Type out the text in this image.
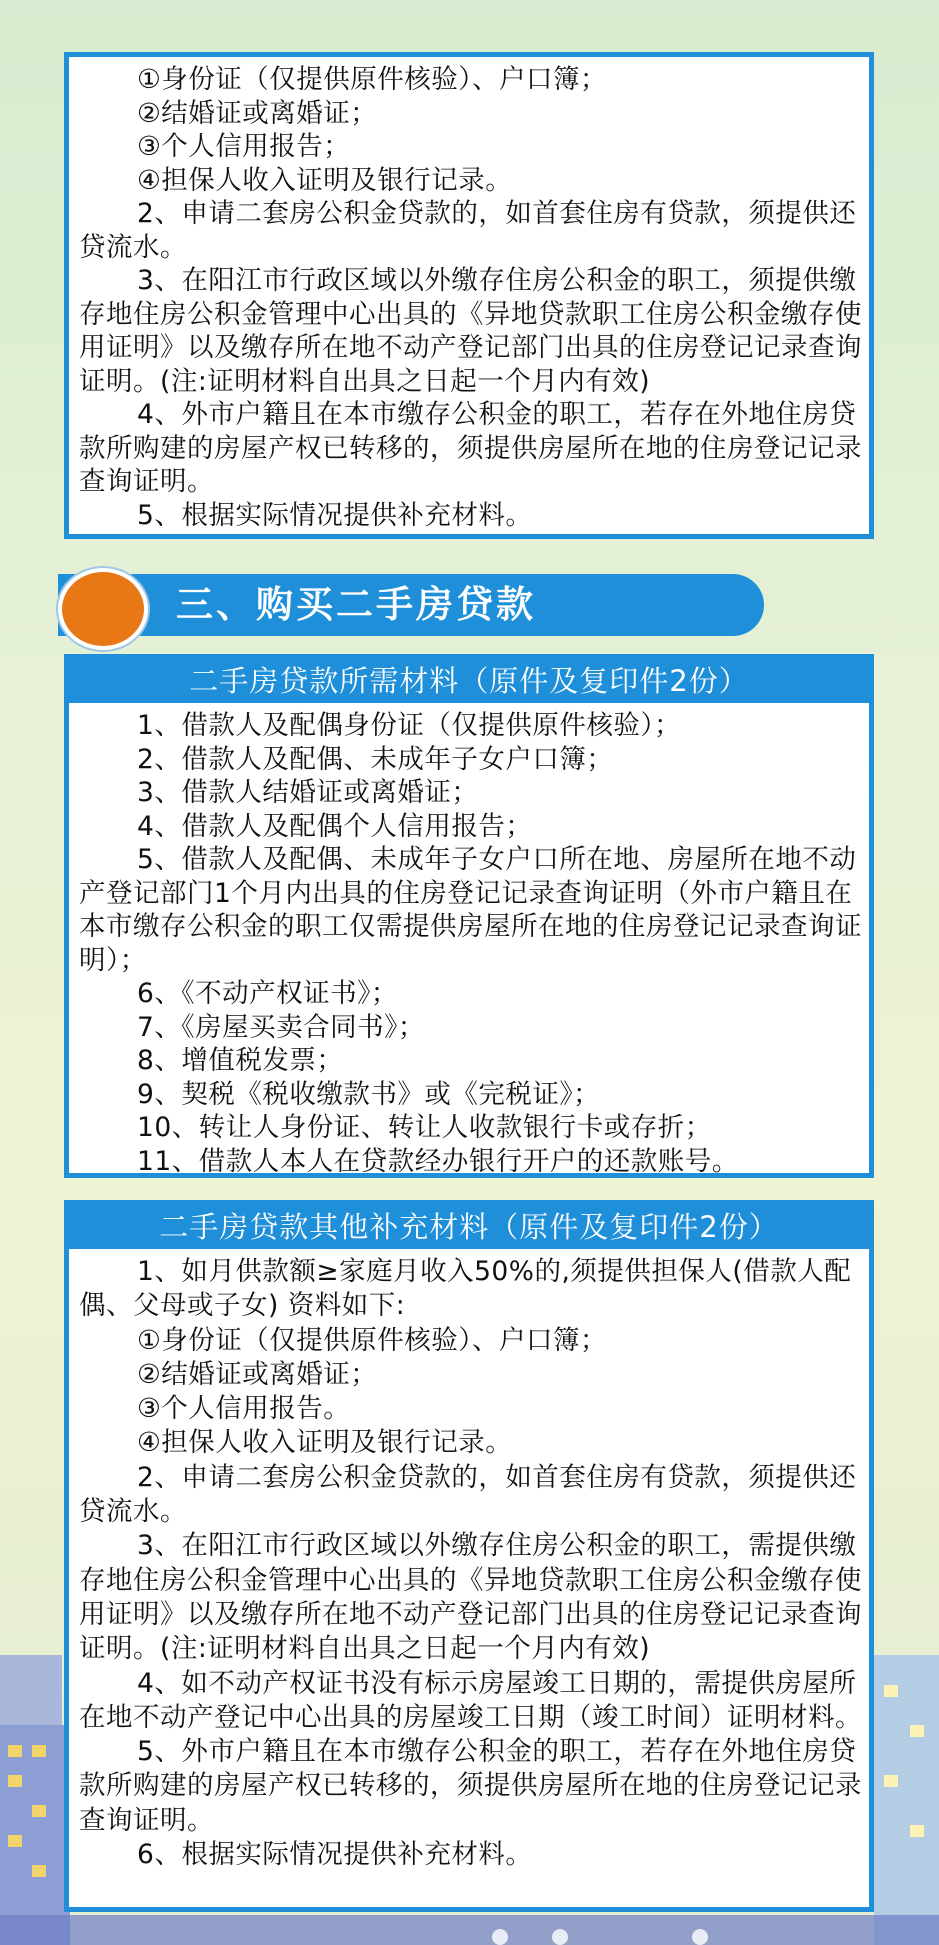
①身份证（仅提供原件核验）、户口簿；

②结婚证或离婚证；

③个人信用报告；

④担保人收入证明及银行记录。

2、申请二套房公积金贷款的，如首套住房有贷款，须提供还贷流水。

3、在阳江市行政区域以外缴存住房公积金的职工，须提供缴存地住房公积金管理中心出具的《异地贷款职工住房公积金缴存使用证明》以及缴存所在地不动产登记部门出具的住房登记记录查询证明。(注:证明材料自出具之日起一个月内有效)

4、外市户籍且在本市缴存公积金的职工，若存在外地住房贷款所购建的房屋产权已转移的，须提供房屋所在地的住房登记记录查询证明。

5、根据实际情况提供补充材料。

三、购买二手房贷款
二手房贷款所需材料（原件及复印件2份）

1、借款人及配偶身份证（仅提供原件核验）；

2、借款人及配偶、未成年子女户口簿；

3、借款人结婚证或离婚证；

4、借款人及配偶个人信用报告；

5、借款人及配偶、未成年子女户口所在地、房屋所在地不动产登记部门1个月内出具的住房登记记录查询证明（外市户籍且在本市缴存公积金的职工仅需提供房屋所在地的住房登记记录查询证明）；

6、《不动产权证书》；

7、《房屋买卖合同书》；

8、增值税发票；

9、契税《税收缴款书》或《完税证》；

10、转让人身份证、转让人收款银行卡或存折；

11、借款人本人在贷款经办银行开户的还款账号。

二手房贷款其他补充材料（原件及复印件2份）

1、如月供款额≥家庭月收入50%的,须提供担保人(借款人配偶、父母或子女) 资料如下:

①身份证（仅提供原件核验）、户口簿；

②结婚证或离婚证；

③个人信用报告。

④担保人收入证明及银行记录。

2、申请二套房公积金贷款的，如首套住房有贷款，须提供还贷流水。

3、在阳江市行政区域以外缴存住房公积金的职工，需提供缴存地住房公积金管理中心出具的《异地贷款职工住房公积金缴存使用证明》以及缴存所在地不动产登记部门出具的住房登记记录查询证明。(注:证明材料自出具之日起一个月内有效)

4、如不动产权证书没有标示房屋竣工日期的，需提供房屋所在地不动产登记中心出具的房屋竣工日期（竣工时间）证明材料。

5、外市户籍且在本市缴存公积金的职工，若存在外地住房贷款所购建的房屋产权已转移的，须提供房屋所在地的住房登记记录查询证明。

6、根据实际情况提供补充材料。
